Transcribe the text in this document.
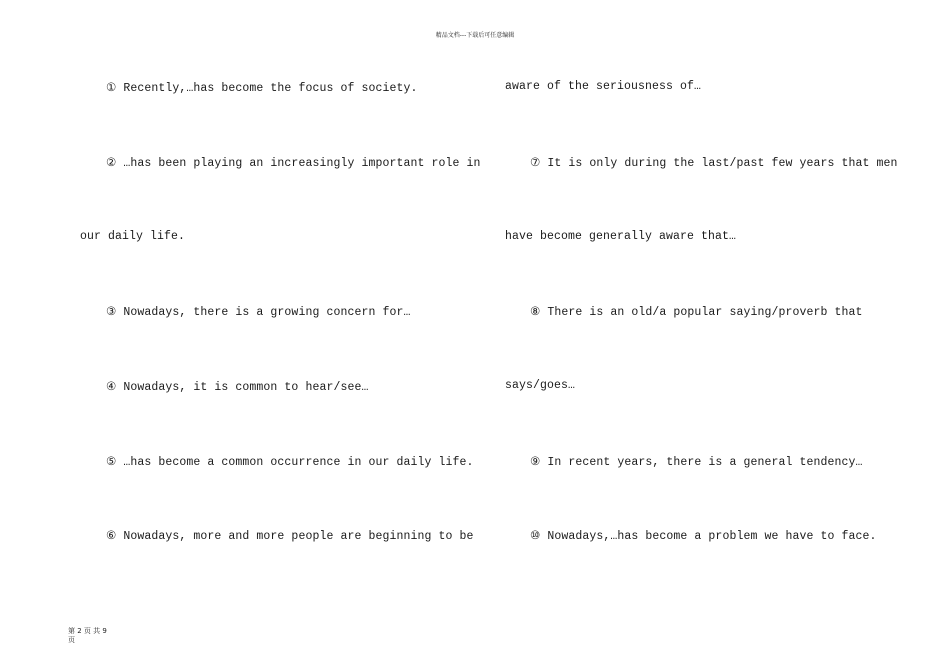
精品文档---下载后可任意编辑
① Recently,…has become the focus of society.
② …has been playing an increasingly important role in
our daily life.
③ Nowadays, there is a growing concern for…
④ Nowadays, it is common to hear/see…
⑤ …has become a common occurrence in our daily life.
⑥ Nowadays, more and more people are beginning to be
aware of the seriousness of…
⑦ It is only during the last/past few years that men
have become generally aware that…
⑧ There is an old/a popular saying/proverb that
says/goes…
⑨ In recent years, there is a general tendency…
⑩ Nowadays,…has become a problem we have to face.
第 2 页 共 9
页
